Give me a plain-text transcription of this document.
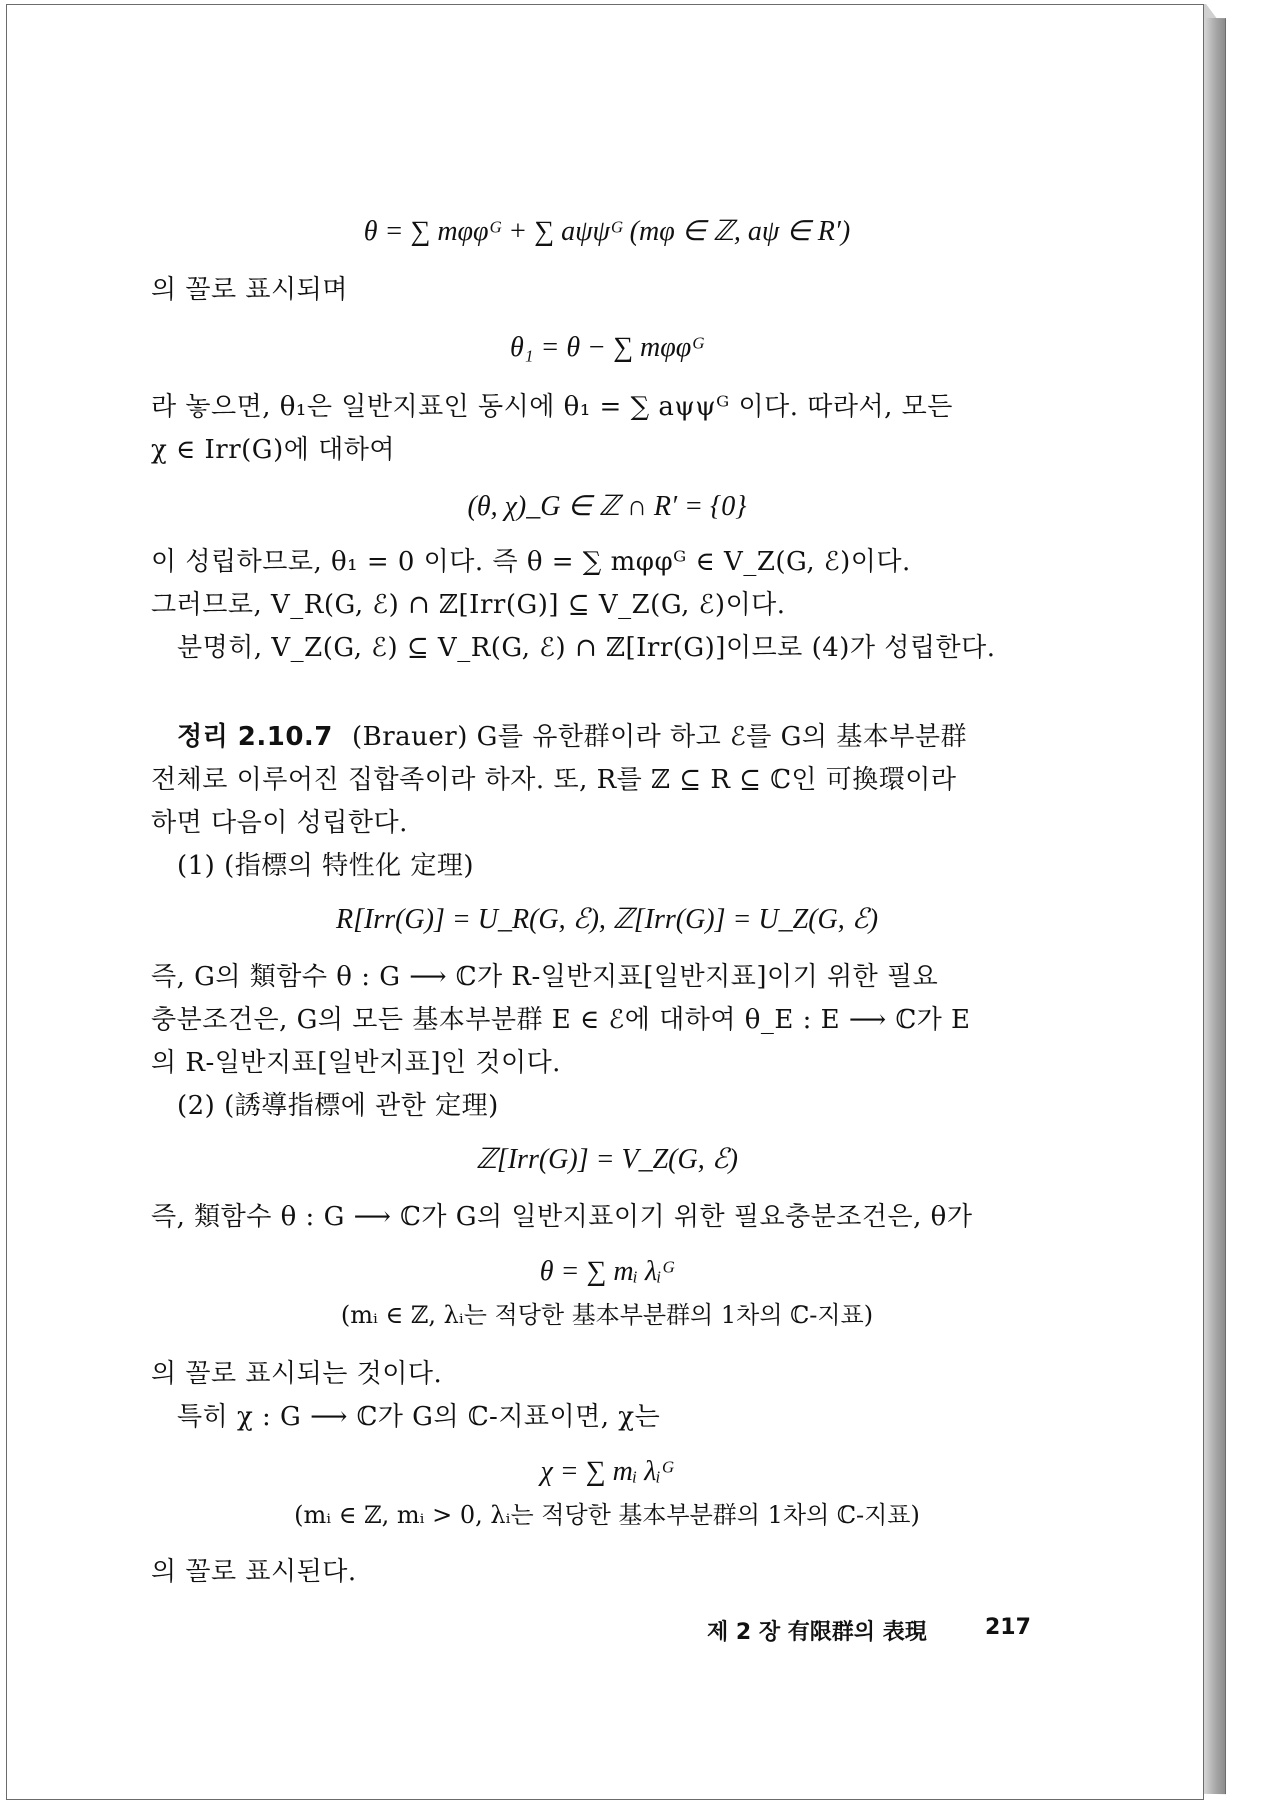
θ = ∑ mφφᴳ + ∑ aψψᴳ (mφ ∈ ℤ, aψ ∈ R′)
의 꼴로 표시되며
θ₁ = θ − ∑ mφφᴳ
라 놓으면, θ₁은 일반지표인 동시에 θ₁ = ∑ aψψᴳ 이다. 따라서, 모든
χ ∈ Irr(G)에 대하여
(θ, χ)_G ∈ ℤ ∩ R′ = {0}
이 성립하므로, θ₁ = 0 이다. 즉 θ = ∑ mφφᴳ ∈ V_Z(G, ℰ)이다.
그러므로, V_R(G, ℰ) ∩ ℤ[Irr(G)] ⊆ V_Z(G, ℰ)이다.
분명히, V_Z(G, ℰ) ⊆ V_R(G, ℰ) ∩ ℤ[Irr(G)]이므로 (4)가 성립한다.
정리 2.10.7 (Brauer) G를 유한群이라 하고 ℰ를 G의 基本부분群
전체로 이루어진 집합족이라 하자. 또, R를 ℤ ⊆ R ⊆ ℂ인 可換環이라
하면 다음이 성립한다.
(1) (指標의 特性化 定理)
R[Irr(G)] = U_R(G, ℰ), ℤ[Irr(G)] = U_Z(G, ℰ)
즉, G의 類함수 θ : G ⟶ ℂ가 R-일반지표[일반지표]이기 위한 필요
충분조건은, G의 모든 基本부분群 E ∈ ℰ에 대하여 θ_E : E ⟶ ℂ가 E
의 R-일반지표[일반지표]인 것이다.
(2) (誘導指標에 관한 定理)
ℤ[Irr(G)] = V_Z(G, ℰ)
즉, 類함수 θ : G ⟶ ℂ가 G의 일반지표이기 위한 필요충분조건은, θ가
θ = ∑ mᵢ λᵢᴳ
(mᵢ ∈ ℤ, λᵢ는 적당한 基本부분群의 1차의 ℂ-지표)
의 꼴로 표시되는 것이다.
특히 χ : G ⟶ ℂ가 G의 ℂ-지표이면, χ는
χ = ∑ mᵢ λᵢᴳ
(mᵢ ∈ ℤ, mᵢ > 0, λᵢ는 적당한 基本부분群의 1차의 ℂ-지표)
의 꼴로 표시된다.
제 2 장 有限群의 表現	217
